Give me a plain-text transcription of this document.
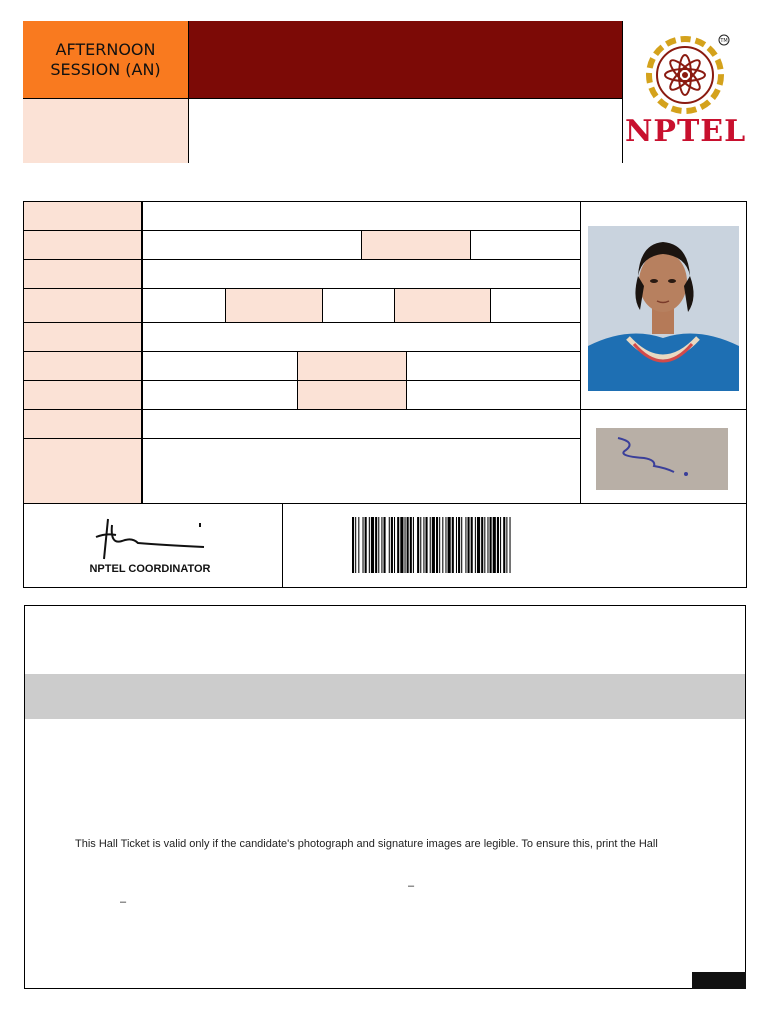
AFTERNOON SESSION (AN)
TM
NPTEL
NPTEL COORDINATOR
This Hall Ticket is valid only if the candidate's photograph and signature images are legible. To ensure this, print the Hall
–
–
